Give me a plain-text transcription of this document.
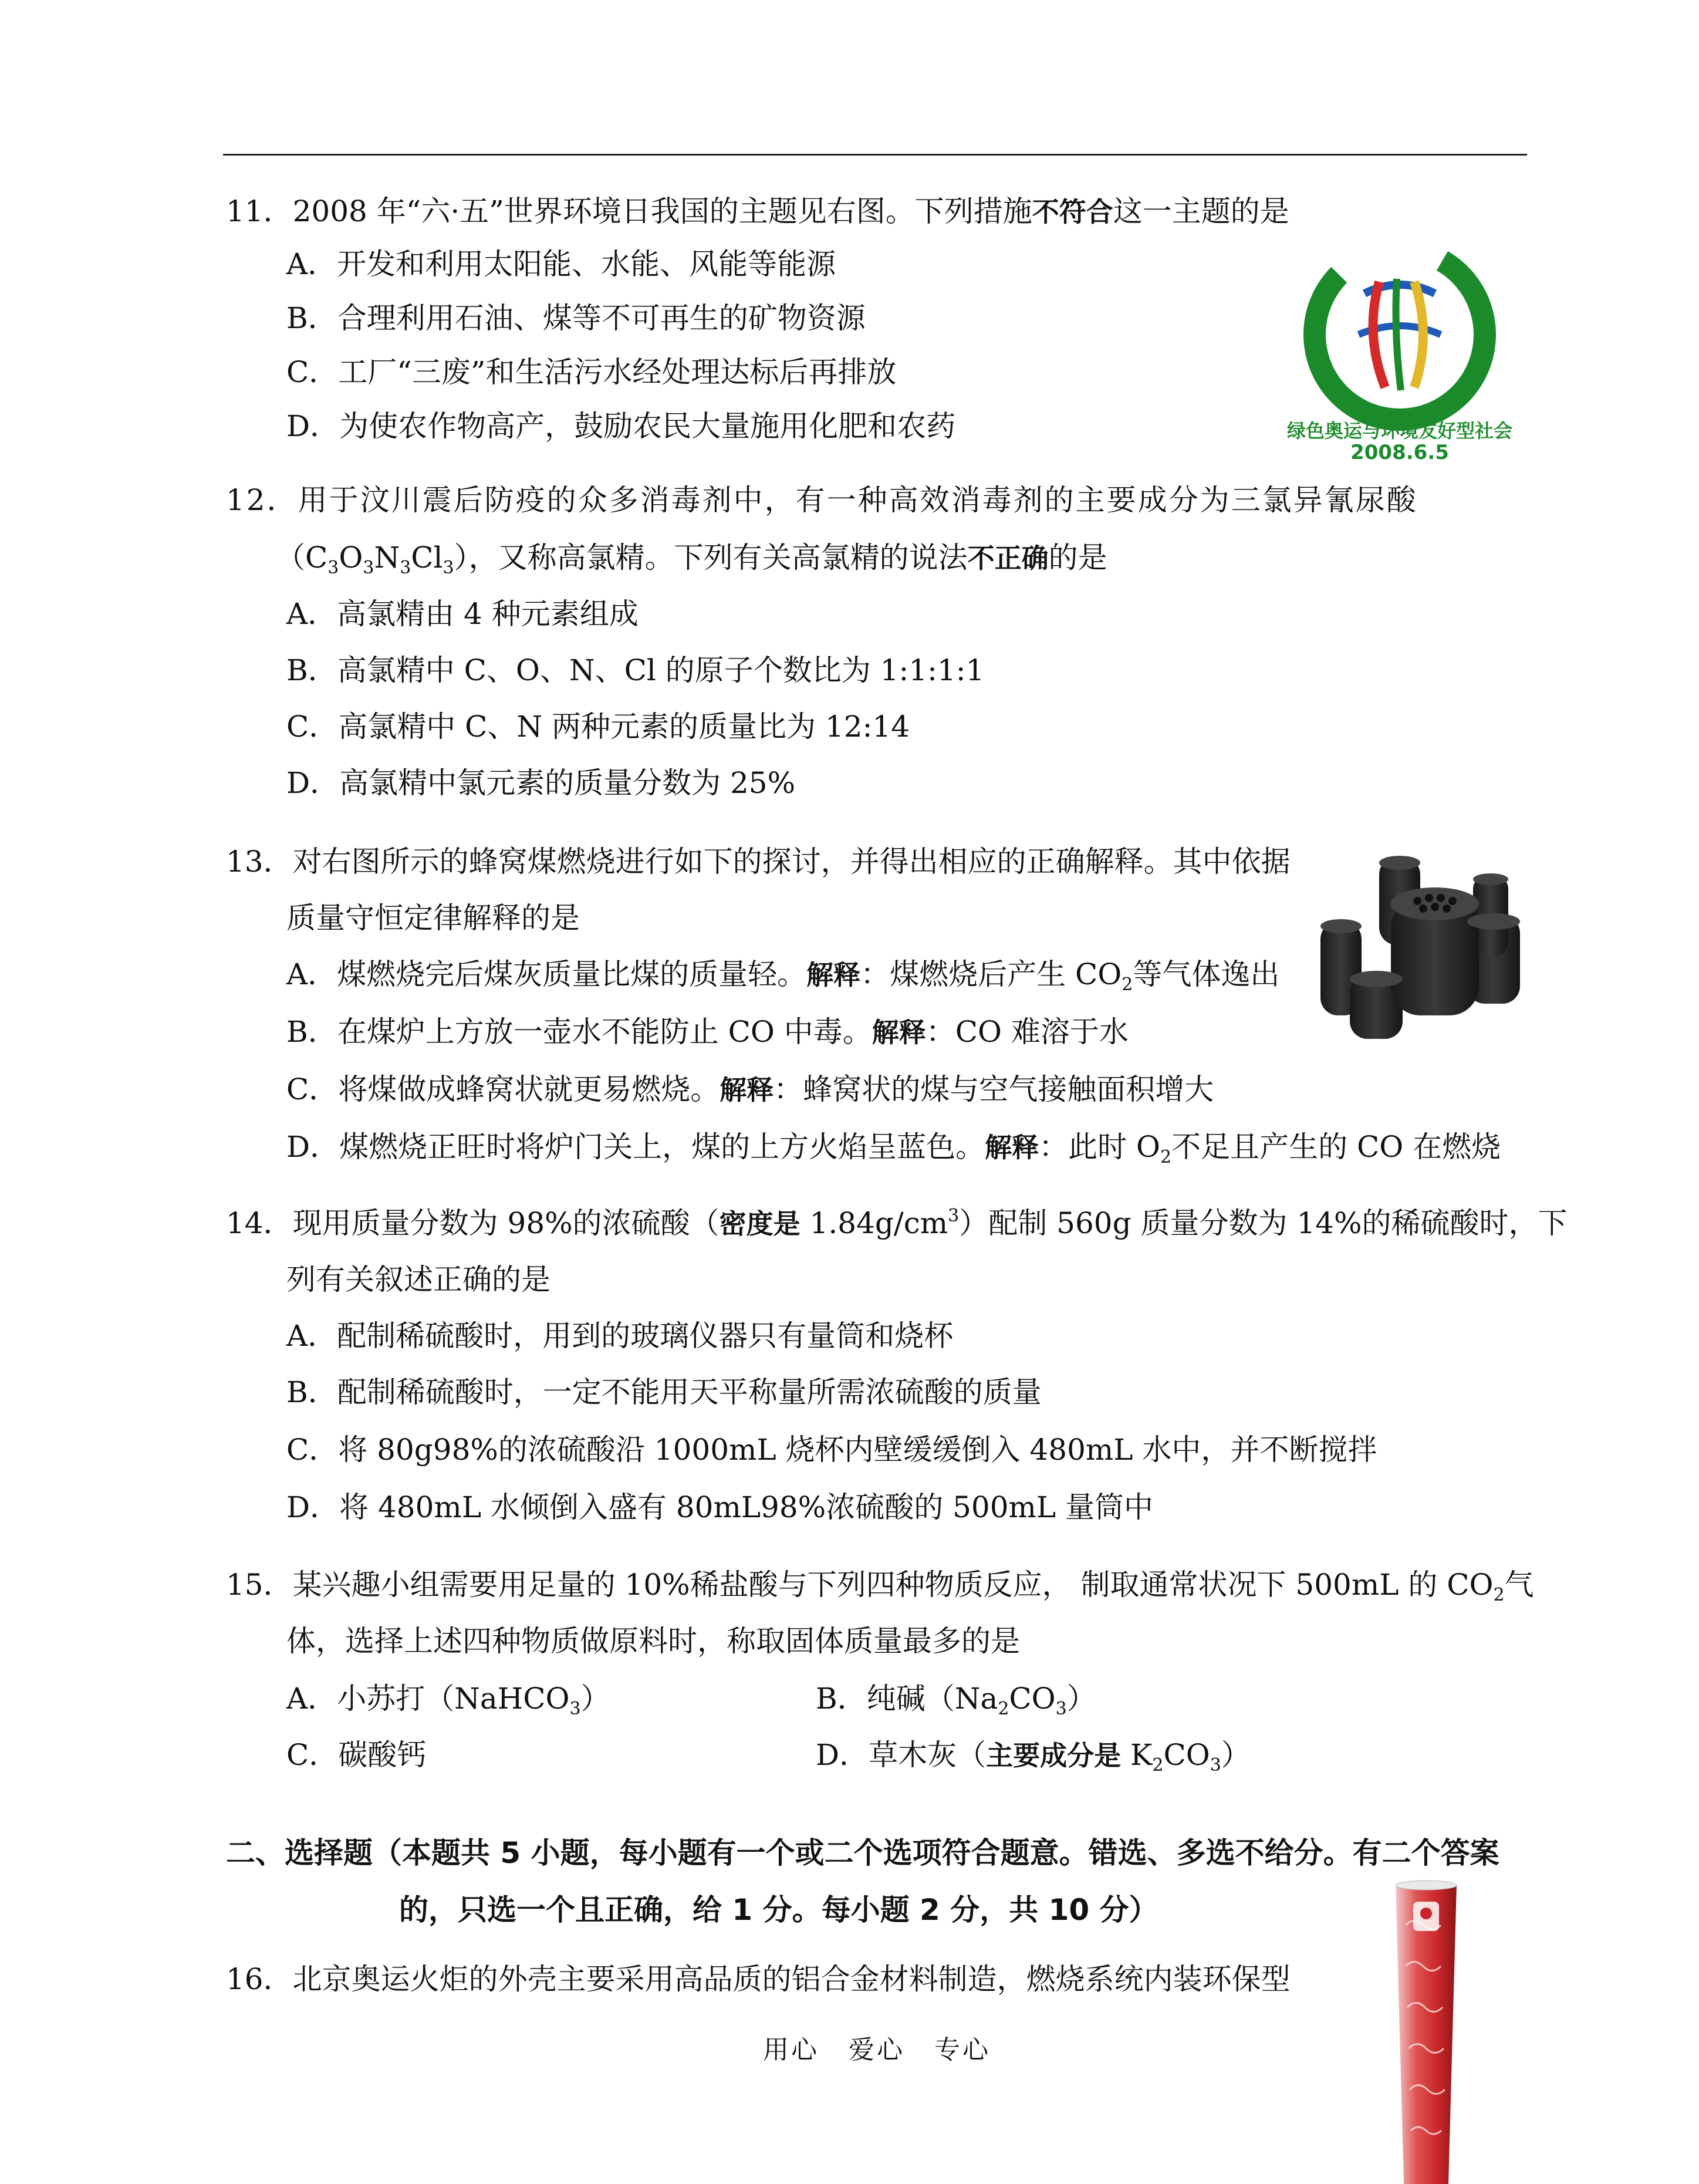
11．2008 年“六·五”世界环境日我国的主题见右图。下列措施不符合这一主题的是
A．开发和利用太阳能、水能、风能等能源
B．合理利用石油、煤等不可再生的矿物资源
C．工厂“三废”和生活污水经处理达标后再排放
D．为使农作物高产，鼓励农民大量施用化肥和农药	绿色奥运与环境友好型社会
2008.6.5
12．用于汶川震后防疫的众多消毒剂中，有一种高效消毒剂的主要成分为三氯异氰尿酸
$(C_3O_3N_3Cl_3)$，又称高氯精。下列有关高氯精的说法不正确的是
A．高氯精由 4 种元素组成
B．高氯精中 C、O、N、Cl 的原子个数比为 1:1:1:1
C．高氯精中 C、N 两种元素的质量比为 12:14
D．高氯精中氯元素的质量分数为 25%
13．对右图所示的蜂窝煤燃烧进行如下的探讨，并得出相应的正确解释。其中依据
质量守恒定律解释的是
A．煤燃烧完后煤灰质量比煤的质量轻。解释：煤燃烧后产生 $CO_2$等气体逸出
B．在煤炉上方放一壶水不能防止 CO 中毒。解释：CO 难溶于水
C．将煤做成蜂窝状就更易燃烧。解释：蜂窝状的煤与空气接触面积增大
D．煤燃烧正旺时将炉门关上，煤的上方火焰呈蓝色。解释：此时 $O_2$不足且产生的 CO 在燃烧
14．现用质量分数为 98%的浓硫酸（密度是 $1.84g/cm^3$）配制 560g 质量分数为 14%的稀硫酸时，下
列有关叙述正确的是
A．配制稀硫酸时，用到的玻璃仪器只有量筒和烧杯
B．配制稀硫酸时，一定不能用天平称量所需浓硫酸的质量
C．将 80g98%的浓硫酸沿 1000mL 烧杯内壁缓缓倒入 480mL 水中，并不断搅拌
D．将 480mL 水倾倒入盛有 80mL98%浓硫酸的 500mL 量筒中
15．某兴趣小组需要用足量的 10%稀盐酸与下列四种物质反应， 制取通常状况下 500mL 的 $CO_2$气
体，选择上述四种物质做原料时，称取固体质量最多的是
A．小苏打（NaHCO$_3$）	B．纯碱$(Na_2CO_3)$
C．碳酸钙	D．草木灰（主要成分是 $K_2CO_3$）
二、选择题（本题共 5 小题，每小题有一个或二个选项符合题意。错选、多选不给分。有二个答案
的，只选一个且正确，给 1 分。每小题 2 分，共 10 分）
16．北京奥运火炬的外壳主要采用高品质的铝合金材料制造，燃烧系统内装环保型
用心 爱心 专心
